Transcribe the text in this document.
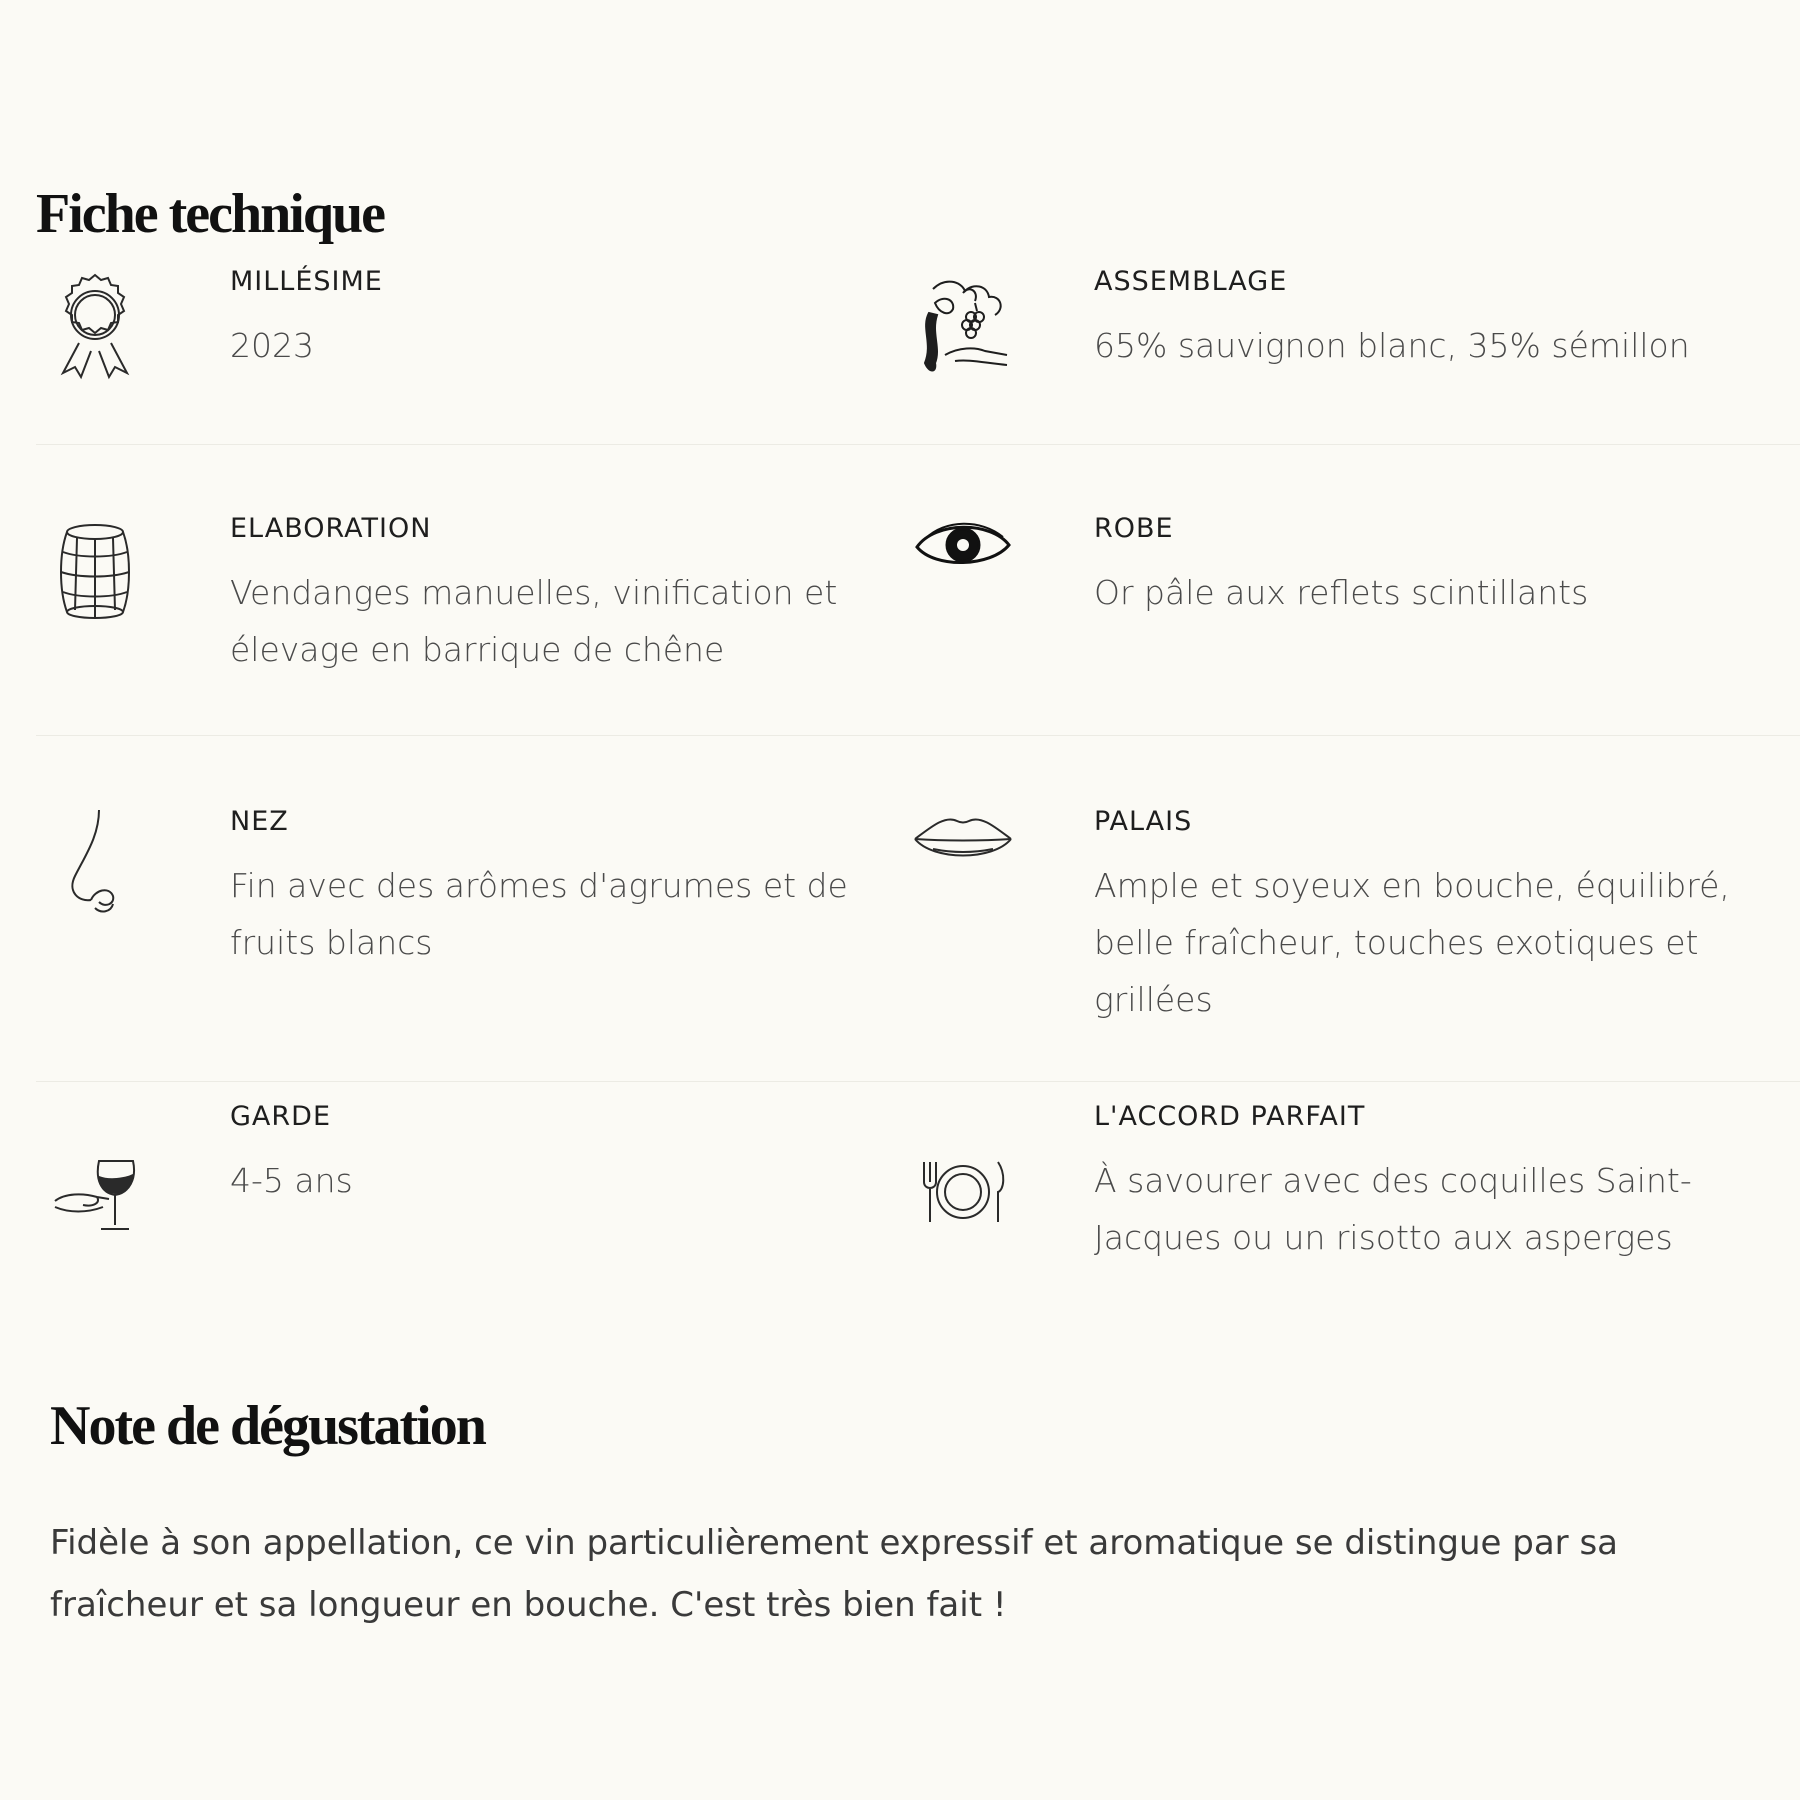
Fiche technique
MILLÉSIME
2023
ASSEMBLAGE
65% sauvignon blanc, 35% sémillon
ELABORATION
Vendanges manuelles, vinification et élevage en barrique de chêne
ROBE
Or pâle aux reflets scintillants
NEZ
Fin avec des arômes d'agrumes et de fruits blancs
PALAIS
Ample et soyeux en bouche, équilibré, belle fraîcheur, touches exotiques et grillées
GARDE
4-5 ans
L'ACCORD PARFAIT
À savourer avec des coquilles Saint-Jacques ou un risotto aux asperges
Note de dégustation

Fidèle à son appellation, ce vin particulièrement expressif et aromatique se distingue par sa fraîcheur et sa longueur en bouche. C'est très bien fait !
